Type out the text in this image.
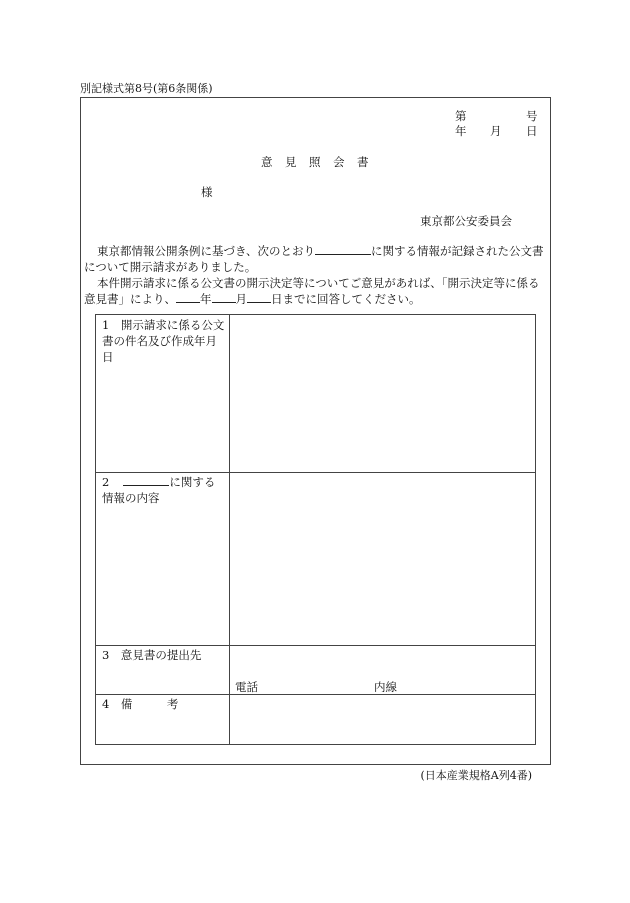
別記様式第8号(第6条関係)
第	号
年 月 日
意　見　照　会　書
様
東京都公安委員会
東京都情報公開条例に基づき、次のとおり	に関する情報が記録された公文書
について開示請求がありました。
本件開示請求に係る公文書の開示決定等についてご意見があれば、「開示決定等に係る
意見書」により、 年 月 日までに回答してください。
1　開示請求に係る公文書の件名及び作成年月日
2	に関する
情報の内容
3　意見書の提出先
電話	内線
4　備　　　考
(日本産業規格A列4番)
